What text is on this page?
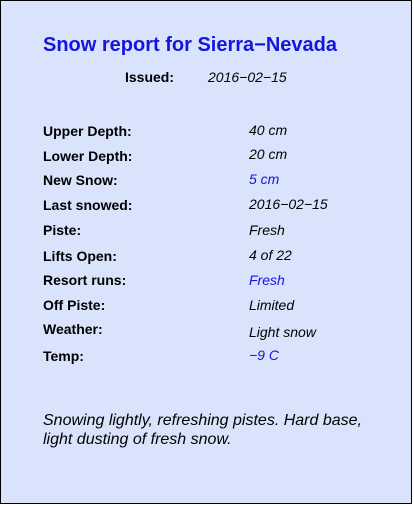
Snow report for Sierra−Nevada
Issued: 2016−02−15
Upper Depth:	40 cm
Lower Depth:	20 cm
New Snow:	5 cm
Last snowed:	2016−02−15
Piste:	Fresh
Lifts Open:	4 of 22
Resort runs:	Fresh
Off Piste:	Limited
Weather:	Light snow
Temp:	−9 C
Snowing lightly, refreshing pistes. Hard base, light dusting of fresh snow.
